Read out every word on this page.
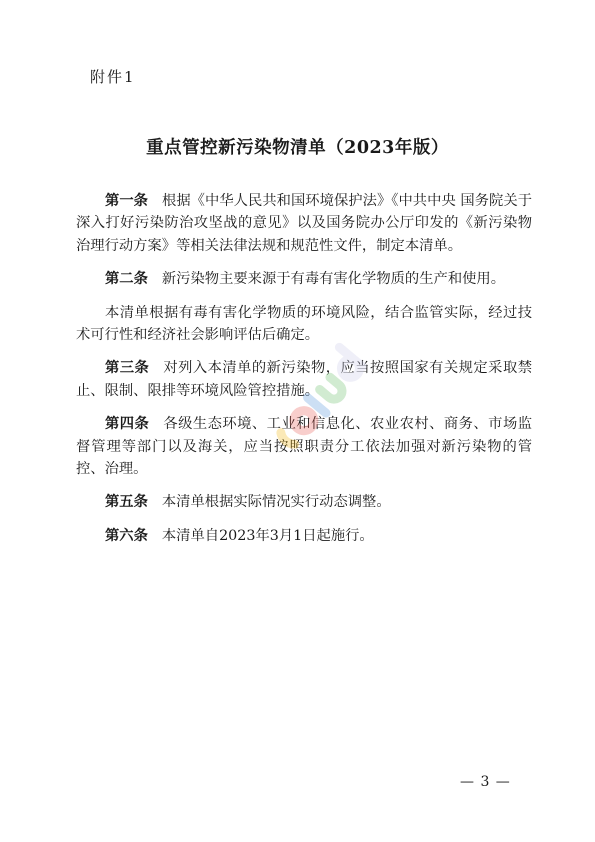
附件1
重点管控新污染物清单（2023年版）

第一条 根据《中华人民共和国环境保护法》《中共中央 国务院关于深入打好污染防治攻坚战的意见》以及国务院办公厅印发的《新污染物治理行动方案》等相关法律法规和规范性文件，制定本清单。

第二条 新污染物主要来源于有毒有害化学物质的生产和使用。

本清单根据有毒有害化学物质的环境风险，结合监管实际，经过技术可行性和经济社会影响评估后确定。

第三条 对列入本清单的新污染物，应当按照国家有关规定采取禁止、限制、限排等环境风险管控措施。

第四条 各级生态环境、工业和信息化、农业农村、商务、市场监督管理等部门以及海关，应当按照职责分工依法加强对新污染物的管控、治理。

第五条 本清单根据实际情况实行动态调整。

第六条 本清单自2023年3月1日起施行。

— 3 —
